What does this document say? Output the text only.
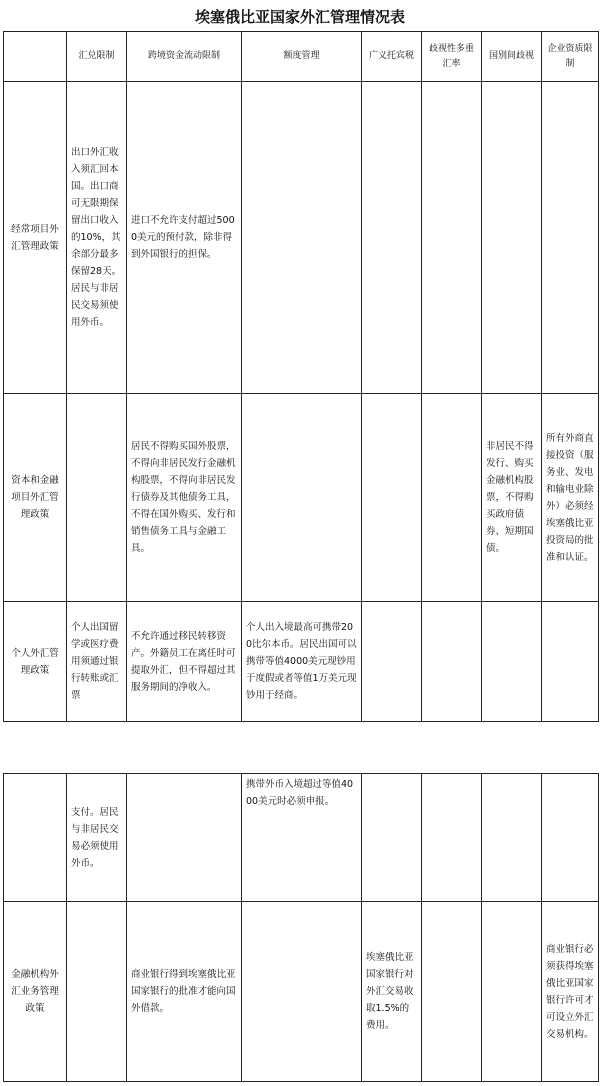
埃塞俄比亚国家外汇管理情况表
	汇兑限制	跨境资金流动限制	额度管理	广义托宾税	歧视性多重汇率	国别间歧视	企业资质限制
经常项目外汇管理政策	出口外汇收入须汇回本国。出口商可无限期保留出口收入的10%，其余部分最多保留28天。居民与非居民交易须使用外币。	进口不允许支付超过5000美元的预付款，除非得到外国银行的担保。					
资本和金融项目外汇管理政策		居民不得购买国外股票，不得向非居民发行金融机构股票，不得向非居民发行债券及其他债务工具，不得在国外购买、发行和销售债务工具与金融工具。				非居民不得发行、购买金融机构股票，不得购买政府债券、短期国债。	所有外商直接投资（服务业、发电和输电业除外）必须经埃塞俄比亚投资局的批准和认证。
个人外汇管理政策	个人出国留学或医疗费用须通过银行转账或汇票	不允许通过移民转移资产。外籍员工在离任时可提取外汇，但不得超过其服务期间的净收入。	个人出入境最高可携带200比尔本币。居民出国可以携带等值4000美元现钞用于度假或者等值1万美元现钞用于经商。				
	支付。居民与非居民交易必须使用外币。		携带外币入境超过等值4000美元时必须申报。				
金融机构外汇业务管理政策		商业银行得到埃塞俄比亚国家银行的批准才能向国外借款。		埃塞俄比亚国家银行对外汇交易收取1.5%的费用。			商业银行必须获得埃塞俄比亚国家银行许可才可设立外汇交易机构。
